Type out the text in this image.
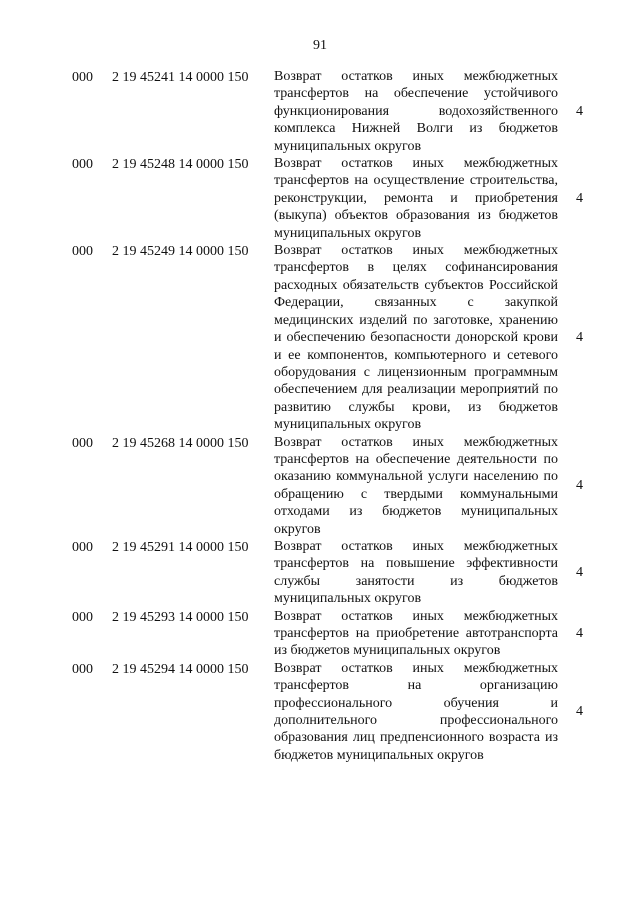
91
000 2 19 45241 14 0000 150 Возврат остатков иных межбюджетных трансфертов на обеспечение устойчивого функционирования водохозяйственного комплекса Нижней Волги из бюджетов муниципальных округов
4
000 2 19 45248 14 0000 150 Возврат остатков иных межбюджетных трансфертов на осуществление строительства, реконструкции, ремонта и приобретения (выкупа) объектов образования из бюджетов муниципальных округов
4
000 2 19 45249 14 0000 150 Возврат остатков иных межбюджетных трансфертов в целях софинансирования расходных обязательств субъектов Российской Федерации, связанных с закупкой медицинских изделий по заготовке, хранению и обеспечению безопасности донорской крови и ее компонентов, компьютерного и сетевого оборудования с лицензионным программным обеспечением для реализации мероприятий по развитию службы крови, из бюджетов муниципальных округов
4
000 2 19 45268 14 0000 150 Возврат остатков иных межбюджетных трансфертов на обеспечение деятельности по оказанию коммунальной услуги населению по обращению с твердыми коммунальными отходами из бюджетов муниципальных округов
4
000 2 19 45291 14 0000 150 Возврат остатков иных межбюджетных трансфертов на повышение эффективности службы занятости из бюджетов муниципальных округов
4
000 2 19 45293 14 0000 150 Возврат остатков иных межбюджетных трансфертов на приобретение автотранспорта из бюджетов муниципальных округов
4
000 2 19 45294 14 0000 150 Возврат остатков иных межбюджетных трансфертов на организацию профессионального обучения и дополнительного профессионального образования лиц предпенсионного возраста из бюджетов муниципальных округов
4
